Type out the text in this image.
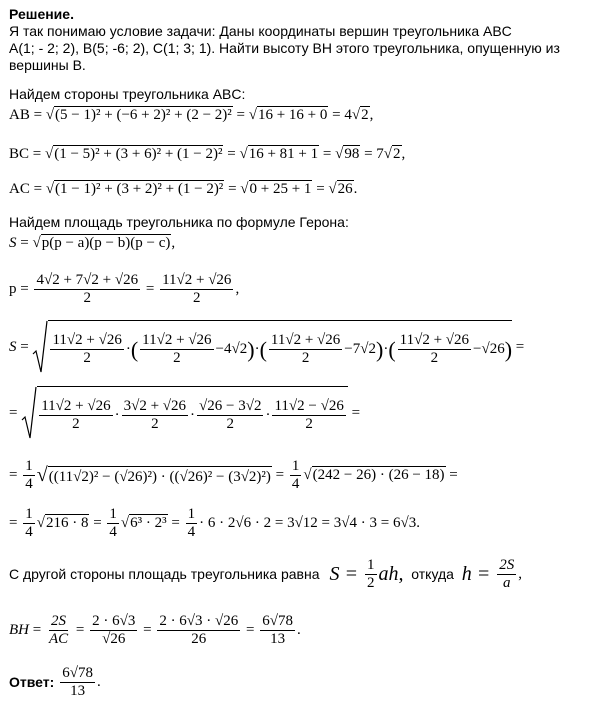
Решение.
Я так понимаю условие задачи: Даны координаты вершин треугольника ABC
A(1; - 2; 2), B(5; -6; 2), C(1; 3; 1). Найти высоту BH этого треугольника, опущенную из
вершины B.
Найдем стороны треугольника ABC:
AB = √(5 − 1)² + (−6 + 2)² + (2 − 2)² = √16 + 16 + 0 = 4√2 ,
BC = √(1 − 5)² + (3 + 6)² + (1 − 2)² = √16 + 81 + 1 = √98 = 7√2 ,
AC = √(1 − 1)² + (3 + 2)² + (1 − 2)² = √0 + 25 + 1 = √26 .
Найдем площадь треугольника по формуле Герона:
S = √p(p − a)(p − b)(p − c) ,
$p = \frac{4√2 + 7√2 + √26}{2} = \frac{11√2 + √26}{2}$ ,
$S = \frac{11√2 + √26}{2}$ · ( $\frac{11√2 + √26}{2} - 4√2$ ) · ( $\frac{11√2 + √26}{2} - 7√2$ ) · ( $\frac{11√2 + √26}{2} - √26$ ) =
= $\frac{11√2 + √26}{2} \cdot \frac{3√2 + √26}{2} \cdot \frac{√26 - 3√2}{2} \cdot \frac{11√2 - √26}{2}$ =
= $\frac{1}{4} √((11√2)^2 - (√26)^2) \cdot ((√26)^2 - (3√2)^2) = \frac{1}{4} √(242 - 26) \cdot (26 - 18)$ =
= $\frac{1}{4} √216 \cdot 8 = \frac{1}{4} √6^3 \cdot 2^3 = \frac{1}{4} \cdot 6 \cdot 2√6 \cdot 2 = 3√12 = 3√4 \cdot 3 = 6√3$.
С другой стороны площадь треугольника равна $S = \frac{1}{2}$ ah, откуда $h = \frac{2S}{a}$ ,
BH = $\frac{2S}{AC} = \frac{2 \cdot 6√3}{√26} = \frac{2 \cdot 6√3 \cdot √26}{26} = \frac{6√78}{13}$ .
Ответ: $\frac{6√78}{13}$ .
